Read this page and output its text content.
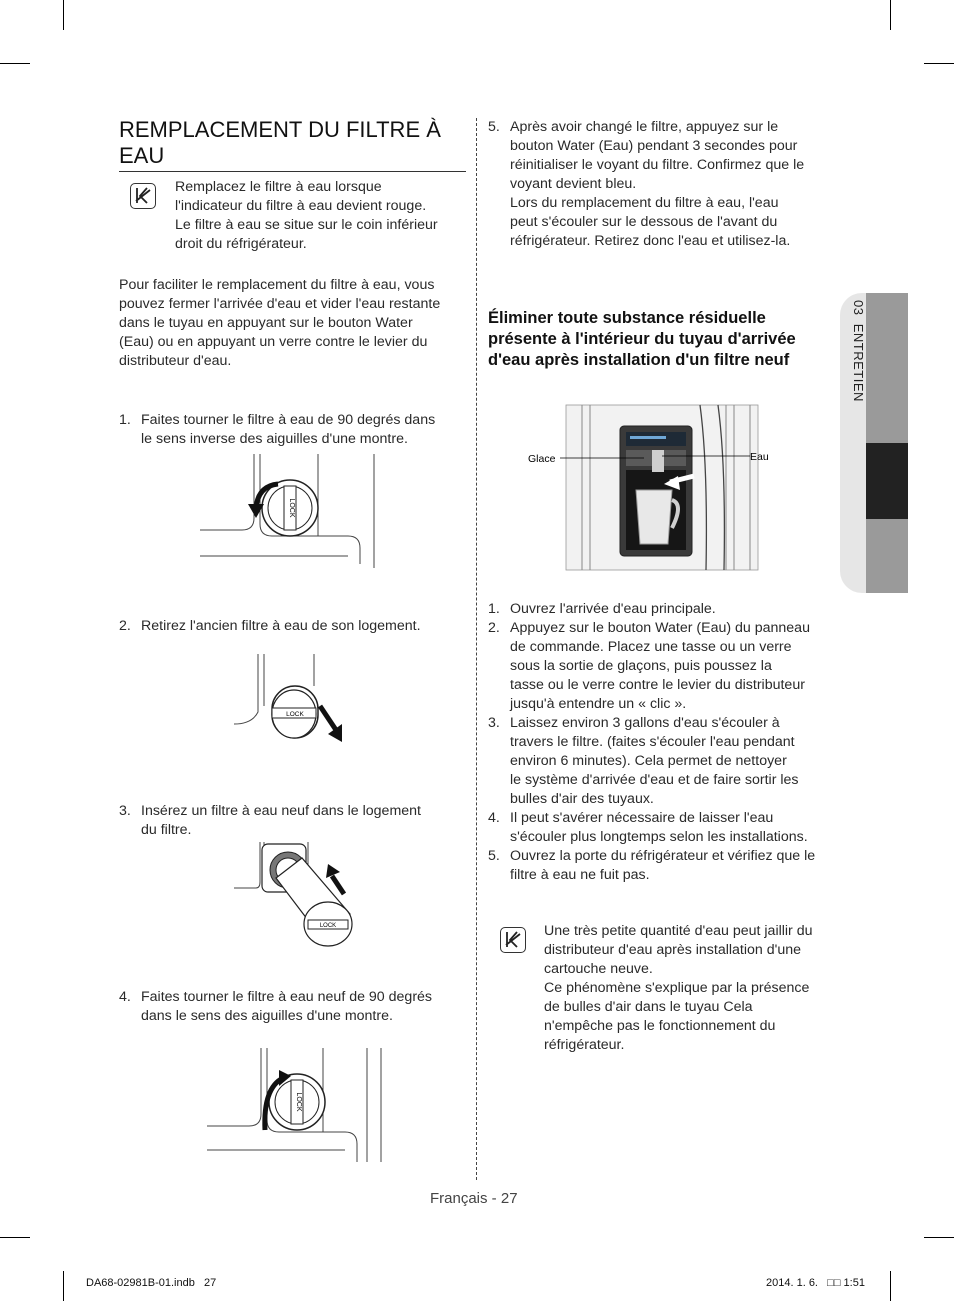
REMPLACEMENT DU FILTRE À EAU
Remplacez le filtre à eau lorsque
l'indicateur du filtre à eau devient rouge.
Le filtre à eau se situe sur le coin inférieur
droit du réfrigérateur.
Pour faciliter le remplacement du filtre à eau, vous
pouvez fermer l'arrivée d'eau et vider l'eau restante
dans le tuyau en appuyant sur le bouton Water
(Eau) ou en appuyant un verre contre le levier du
distributeur d'eau.
1. Faites tourner le filtre à eau de 90 degrés dans
le sens inverse des aiguilles d'une montre.
LOCK
2. Retirez l'ancien filtre à eau de son logement.
LOCK
3. Insérez un filtre à eau neuf dans le logement
du filtre.
LOCK
4. Faites tourner le filtre à eau neuf de 90 degrés
dans le sens des aiguilles d'une montre.
LOCK
5. Après avoir changé le filtre, appuyez sur le
bouton Water (Eau) pendant 3 secondes pour
réinitialiser le voyant du filtre. Confirmez que le
voyant devient bleu.
Lors du remplacement du filtre à eau, l'eau
peut s'écouler sur le dessous de l'avant du
réfrigérateur. Retirez donc l'eau et utilisez-la.
Éliminer toute substance résiduelle
présente à l'intérieur du tuyau d'arrivée
d'eau après installation d'un filtre neuf
Glace	Eau
1. Ouvrez l'arrivée d'eau principale.
2. Appuyez sur le bouton Water (Eau) du panneau
de commande. Placez une tasse ou un verre
sous la sortie de glaçons, puis poussez la
tasse ou le verre contre le levier du distributeur
jusqu'à entendre un « clic ».
3. Laissez environ 3 gallons d'eau s'écouler à
travers le filtre. (faites s'écouler l'eau pendant
environ 6 minutes). Cela permet de nettoyer
le système d'arrivée d'eau et de faire sortir les
bulles d'air des tuyaux.
4. Il peut s'avérer nécessaire de laisser l'eau
s'écouler plus longtemps selon les installations.
5. Ouvrez la porte du réfrigérateur et vérifiez que le
filtre à eau ne fuit pas.
Une très petite quantité d'eau peut jaillir du
distributeur d'eau après installation d'une
cartouche neuve.
Ce phénomène s'explique par la présence
de bulles d'air dans le tuyau Cela
n'empêche pas le fonctionnement du
réfrigérateur.
03  ENTRETIEN
Français - 27
DA68-02981B-01.indb 27	2014. 1. 6. □□ 1:51
